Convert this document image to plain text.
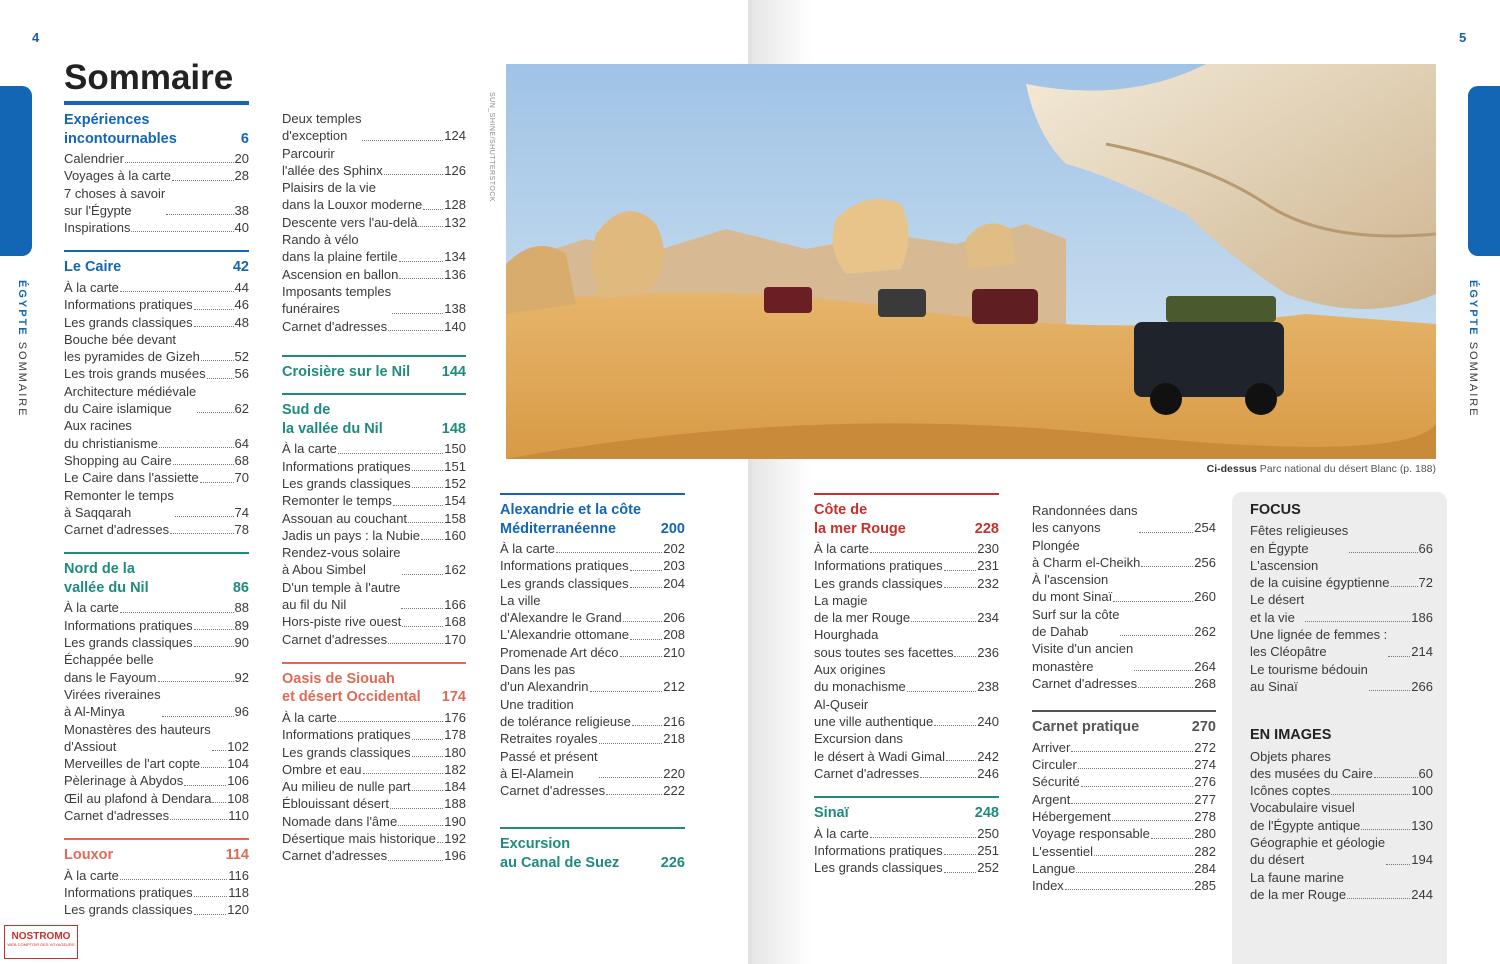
4	5
ÉGYPTE SOMMAIRE
ÉGYPTE SOMMAIRE
Sommaire
Expériences
incontournables	6
Calendrier	20
Voyages à la carte	28
7 choses à savoir
sur l'Égypte	38
Inspirations	40
Le Caire	42
À la carte	44
Informations pratiques	46
Les grands classiques	48
Bouche bée devant
les pyramides de Gizeh	52
Les trois grands musées 56
Architecture médiévale
du Caire islamique	62
Aux racines
du christianisme	64
Shopping au Caire	68
Le Caire dans l'assiette	70
Remonter le temps
à Saqqarah	74
Carnet d'adresses	78
Nord de la
vallée du Nil	86
À la carte	88
Informations pratiques	89
Les grands classiques	90
Échappée belle
dans le Fayoum	92
Virées riveraines
à Al-Minya	96
Monastères des hauteurs
d'Assiout	102
Merveilles de l'art copte 104
Pèlerinage à Abydos	106
Œil au plafond à Dendara 108
Carnet d'adresses	110
Louxor	114
À la carte	116
Informations pratiques	118
Les grands classiques	120
Deux temples
d'exception	124
Parcourir
l'allée des Sphinx	126
Plaisirs de la vie
dans la Louxor moderne 128
Descente vers l'au-delà 132
Rando à vélo
dans la plaine fertile	134
Ascension en ballon	136
Imposants temples
funéraires	138
Carnet d'adresses	140
Croisière sur le Nil 144
Sud de
la vallée du Nil	148
À la carte	150
Informations pratiques	151
Les grands classiques	152
Remonter le temps	154
Assouan au couchant	158
Jadis un pays : la Nubie 160
Rendez-vous solaire
à Abou Simbel	162
D'un temple à l'autre
au fil du Nil	166
Hors-piste rive ouest	168
Carnet d'adresses	170
Oasis de Siouah
et désert Occidental 174
À la carte	176
Informations pratiques	178
Les grands classiques	180
Ombre et eau	182
Au milieu de nulle part	184
Éblouissant désert	188
Nomade dans l'âme	190
Désertique mais historique 192
Carnet d'adresses	196
Alexandrie et la côte
Méditerranéenne	200
À la carte	202
Informations pratiques	203
Les grands classiques	204
La ville
d'Alexandre le Grand	206
L'Alexandrie ottomane	208
Promenade Art déco	210
Dans les pas
d'un Alexandrin	212
Une tradition
de tolérance religieuse 216
Retraites royales	218
Passé et présent
à El-Alamein	220
Carnet d'adresses	222
Excursion
au Canal de Suez	226
Côte de
la mer Rouge	228
À la carte	230
Informations pratiques	231
Les grands classiques	232
La magie
de la mer Rouge	234
Hourghada
sous toutes ses facettes 236
Aux origines
du monachisme	238
Al-Quseir
une ville authentique	240
Excursion dans
le désert à Wadi Gimal 242
Carnet d'adresses	246
Sinaï	248
À la carte	250
Informations pratiques	251
Les grands classiques	252
Randonnées dans
les canyons	254
Plongée
à Charm el-Cheikh	256
À l'ascension
du mont Sinaï	260
Surf sur la côte
de Dahab	262
Visite d'un ancien
monastère	264
Carnet d'adresses	268
Carnet pratique	270
Arriver	272
Circuler	274
Sécurité	276
Argent	277
Hébergement	278
Voyage responsable	280
L'essentiel	282
Langue	284
Index	285
SUN_SHINE/SHUTTERSTOCK
Ci-dessus Parc national du désert Blanc (p. 188)
FOCUS
Fêtes religieuses
en Égypte	66
L'ascension
de la cuisine égyptienne 72
Le désert
et la vie	186
Une lignée de femmes :
les Cléopâtre	214
Le tourisme bédouin
au Sinaï	266
EN IMAGES
Objets phares
des musées du Caire	60
Icônes coptes	100
Vocabulaire visuel
de l'Égypte antique	130
Géographie et géologie
du désert	194
La faune marine
de la mer Rouge	244
NOSTROMO
WEB COMPTOIR DES VOYAGEURS
